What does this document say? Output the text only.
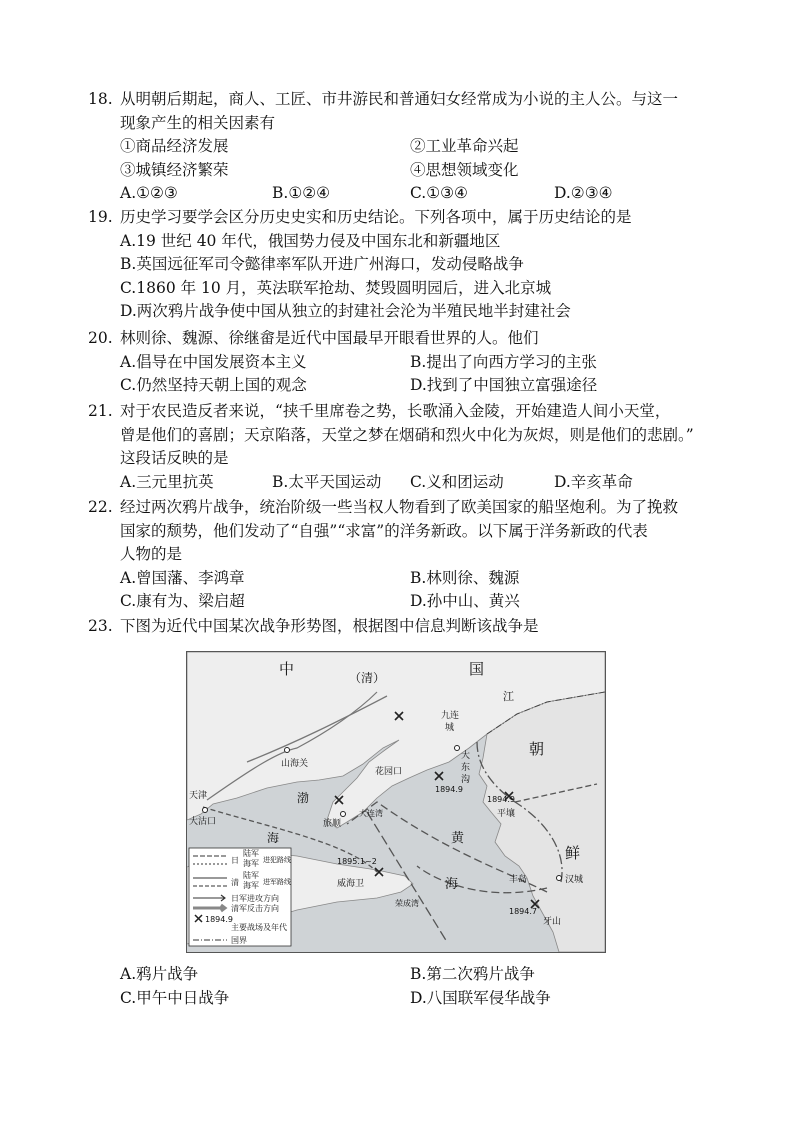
18. 从明朝后期起，商人、工匠、市井游民和普通妇女经常成为小说的主人公。与这一
现象产生的相关因素有
①商品经济发展	②工业革命兴起
③城镇经济繁荣	④思想领域变化
A.①②③	B.①②④	C.①③④	D.②③④
19. 历史学习要学会区分历史史实和历史结论。下列各项中，属于历史结论的是
A.19 世纪 40 年代，俄国势力侵及中国东北和新疆地区
B.英国远征军司令懿律率军队开进广州海口，发动侵略战争
C.1860 年 10 月，英法联军抢劫、焚毁圆明园后，进入北京城
D.两次鸦片战争使中国从独立的封建社会沦为半殖民地半封建社会
20. 林则徐、魏源、徐继畲是近代中国最早开眼看世界的人。他们
A.倡导在中国发展资本主义	B.提出了向西方学习的主张
C.仍然坚持天朝上国的观念	D.找到了中国独立富强途径
21. 对于农民造反者来说，“挟千里席卷之势，长歌涌入金陵，开始建造人间小天堂，
曾是他们的喜剧；天京陷落，天堂之梦在烟硝和烈火中化为灰烬，则是他们的悲剧。”
这段话反映的是
A.三元里抗英	B.太平天国运动 C.义和团运动	D.辛亥革命
22. 经过两次鸦片战争，统治阶级一些当权人物看到了欧美国家的船坚炮利。为了挽救
国家的颓势，他们发动了“自强”“求富”的洋务新政。以下属于洋务新政的代表
人物的是
A.曾国藩、李鸿章	B.林则徐、魏源
C.康有为、梁启超	D.孙中山、黄兴
23. 下图为近代中国某次战争形势图，根据图中信息判断该战争是
中	国
（清）
朝
鲜
渤
海	黄
海
天津
大沽口
山海关
旅顺
大连湾
花园口
九连
城
大
东
沟
平壤
汉城
丰岛
牙山
威海卫
荣成湾
江
1894.9
1894.9
1894.7
1895.1~2
日
陆军
海军 进犯路线
清
陆军
海军 进军路线
日军进攻方向
清军反击方向
1894.9
主要战场及年代
国界
A.鸦片战争	B.第二次鸦片战争
C.甲午中日战争	D.八国联军侵华战争
